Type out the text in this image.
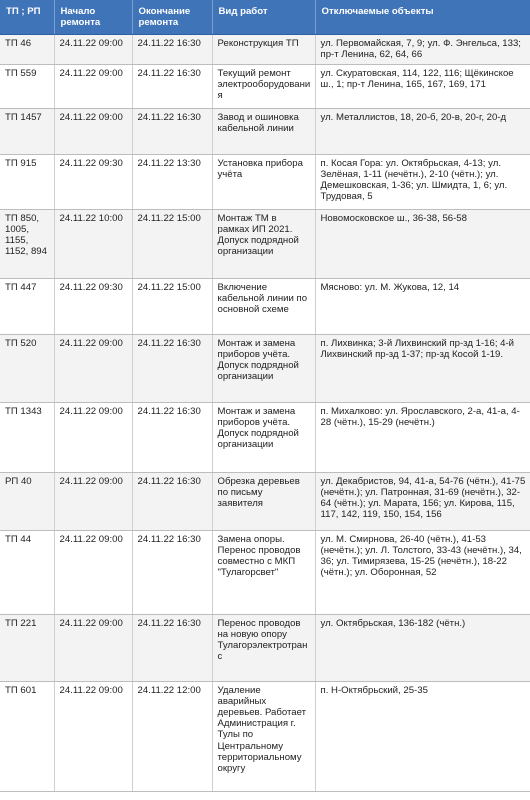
ТП ; РП	Начало ремонта	Окончание ремонта	Вид работ	Отключаемые объекты
ТП 46	24.11.22 09:00	24.11.22 16:30	Реконструкция ТП	ул. Первомайская, 7, 9; ул. Ф. Энгельса, 133; пр-т Ленина, 62, 64, 66
ТП 559	24.11.22 09:00	24.11.22 16:30	Текущий ремонт электрооборудования	ул. Скуратовская, 114, 122, 116; Щёкинское ш., 1; пр-т Ленина, 165, 167, 169, 171
ТП 1457	24.11.22 09:00	24.11.22 16:30	Завод и ошиновка кабельной линии	ул. Металлистов, 18, 20-б, 20-в, 20-г, 20-д
ТП 915	24.11.22 09:30	24.11.22 13:30	Установка прибора учёта	п. Косая Гора: ул. Октябрьская, 4-13; ул. Зелёная, 1-11 (нечётн.), 2-10 (чётн.); ул. Демешковская, 1-36; ул. Шмидта, 1, 6; ул. Трудовая, 5
ТП 850, 1005, 1155, 1152, 894	24.11.22 10:00	24.11.22 15:00	Монтаж ТМ в рамках ИП 2021. Допуск подрядной организации	Новомосковское ш., 36-38, 56-58
ТП 447	24.11.22 09:30	24.11.22 15:00	Включение кабельной линии по основной схеме	Мясново: ул. М. Жукова, 12, 14
ТП 520	24.11.22 09:00	24.11.22 16:30	Монтаж и замена приборов учёта. Допуск подрядной организации	п. Лихвинка; 3-й Лихвинский пр-зд 1-16; 4-й Лихвинский пр-зд 1-37; пр-зд Косой 1-19.
ТП 1343	24.11.22 09:00	24.11.22 16:30	Монтаж и замена приборов учёта. Допуск подрядной организации	п. Михалково: ул. Ярославского, 2-а, 41-а, 4-28 (чётн.), 15-29 (нечётн.)
РП 40	24.11.22 09:00	24.11.22 16:30	Обрезка деревьев по письму заявителя	ул. Декабристов, 94, 41-а, 54-76 (чётн.), 41-75 (нечётн.); ул. Патронная, 31-69 (нечётн.), 32-64 (чётн.); ул. Марата, 156; ул. Кирова, 115, 117, 142, 119, 150, 154, 156
ТП 44	24.11.22 09:00	24.11.22 16:30	Замена опоры. Перенос проводов совместно с МКП "Тулагорсвет"	ул. М. Смирнова, 26-40 (чётн.), 41-53 (нечётн.); ул. Л. Толстого, 33-43 (нечётн.), 34, 36; ул. Тимирязева, 15-25 (нечётн.), 18-22 (чётн.); ул. Оборонная, 52
ТП 221	24.11.22 09:00	24.11.22 16:30	Перенос проводов на новую опору Тулагорэлектротранс	ул. Октябрьская, 136-182 (чётн.)
ТП 601	24.11.22 09:00	24.11.22 12:00	Удаление аварийных деревьев. Работает Администрация г. Тулы по Центральному территориальному округу	п. Н-Октябрьский, 25-35
